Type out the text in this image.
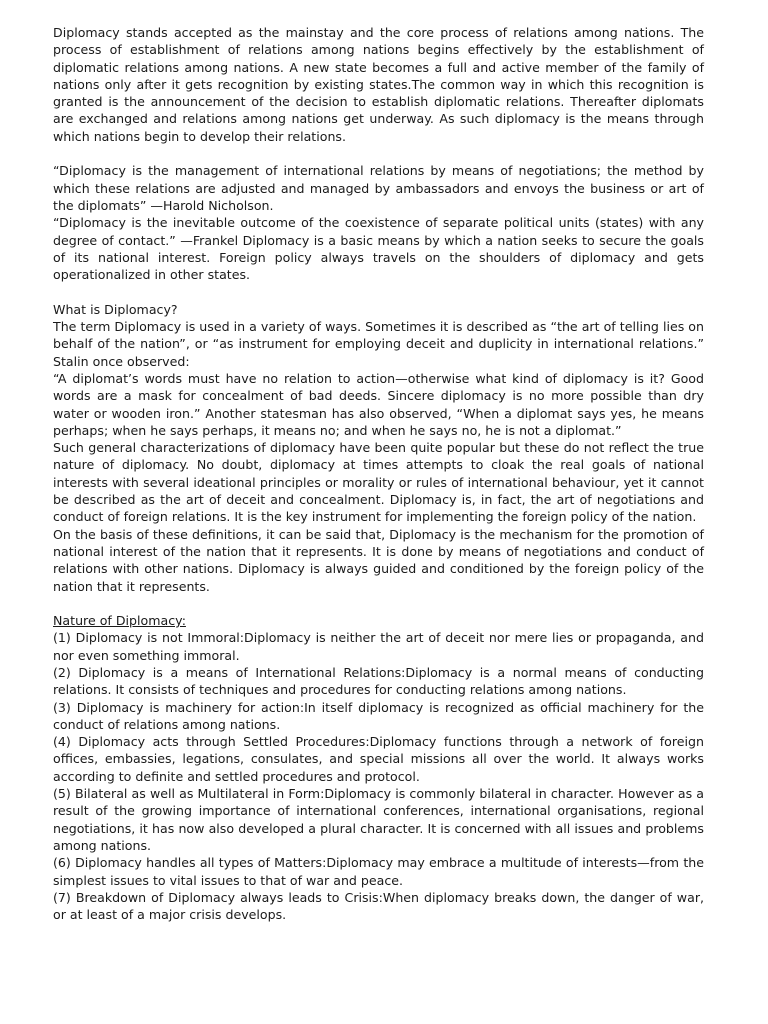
Diplomacy stands accepted as the mainstay and the core process of relations among nations. The process of establishment of relations among nations begins effectively by the establishment of diplomatic relations among nations. A new state becomes a full and active member of the family of nations only after it gets recognition by existing states.The common way in which this recognition is granted is the announcement of the decision to establish diplomatic relations. Thereafter diplomats are exchanged and relations among nations get underway. As such diplomacy is the means through which nations begin to develop their relations.

“Diplomacy is the management of international relations by means of negotiations; the method by which these relations are adjusted and managed by ambassadors and envoys the business or art of the diplomats” —Harold Nicholson.

“Diplomacy is the inevitable outcome of the coexistence of separate political units (states) with any degree of contact.” —Frankel Diplomacy is a basic means by which a nation seeks to secure the goals of its national interest. Foreign policy always travels on the shoulders of diplomacy and gets operationalized in other states.

What is Diplomacy?

The term Diplomacy is used in a variety of ways. Sometimes it is described as “the art of telling lies on behalf of the nation”, or “as instrument for employing deceit and duplicity in international relations.” Stalin once observed:

“A diplomat’s words must have no relation to action—otherwise what kind of diplomacy is it? Good words are a mask for concealment of bad deeds. Sincere diplomacy is no more possible than dry water or wooden iron.” Another statesman has also observed, “When a diplomat says yes, he means perhaps; when he says perhaps, it means no; and when he says no, he is not a diplomat.”

Such general characterizations of diplomacy have been quite popular but these do not reflect the true nature of diplomacy. No doubt, diplomacy at times attempts to cloak the real goals of national interests with several ideational principles or morality or rules of international behaviour, yet it cannot be described as the art of deceit and concealment. Diplomacy is, in fact, the art of negotiations and conduct of foreign relations. It is the key instrument for implementing the foreign policy of the nation.

On the basis of these definitions, it can be said that, Diplomacy is the mechanism for the promotion of national interest of the nation that it represents. It is done by means of negotiations and conduct of relations with other nations. Diplomacy is always guided and conditioned by the foreign policy of the nation that it represents.

Nature of Diplomacy:

(1) Diplomacy is not Immoral:Diplomacy is neither the art of deceit nor mere lies or propaganda, and nor even something immoral.

(2) Diplomacy is a means of International Relations:Diplomacy is a normal means of conducting relations. It consists of techniques and procedures for conducting relations among nations.

(3) Diplomacy is machinery for action:In itself diplomacy is recognized as official machinery for the conduct of relations among nations.

(4) Diplomacy acts through Settled Procedures:Diplomacy functions through a network of foreign offices, embassies, legations, consulates, and special missions all over the world. It always works according to definite and settled procedures and protocol.

(5) Bilateral as well as Multilateral in Form:Diplomacy is commonly bilateral in character. However as a result of the growing importance of international conferences, international organisations, regional negotiations, it has now also developed a plural character. It is concerned with all issues and problems among nations.

(6) Diplomacy handles all types of Matters:Diplomacy may embrace a multitude of interests—from the simplest issues to vital issues to that of war and peace.

(7) Breakdown of Diplomacy always leads to Crisis:When diplomacy breaks down, the danger of war, or at least of a major crisis develops.
